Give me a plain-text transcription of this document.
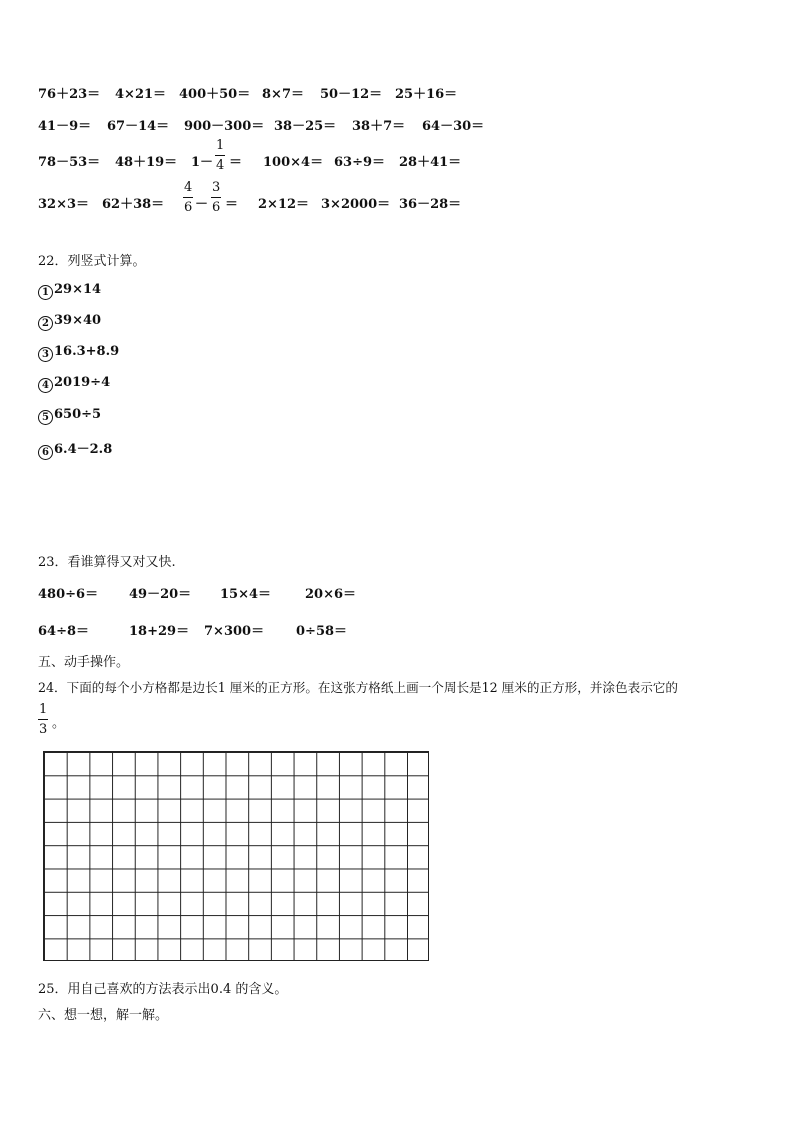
76＋23＝ 4×21＝ 400＋50＝ 8×7＝ 50－12＝ 25＋16＝
41－9＝ 67－14＝ 900－300＝ 38－25＝ 38＋7＝ 64－30＝
$78-53= 48+19= 1- \frac{1}{4} = 100\times 4= 63\div 9= 28+41=$
$32\times 3= 62+38= \frac{4}{6} - \frac{3}{6} = 2\times 12= 3\times 2000= 36-28=$
22．列竖式计算。
1 29×14
2 39×40
3 16.3+8.9
4 2019÷4
5 650÷5
6 6.4－2.8
23．看谁算得又对又快.
480÷6＝ 49－20＝ 15×4＝	20×6＝
64÷8＝	18+29＝ 7×300＝ 0÷58＝
五、动手操作。
24．下面的每个小方格都是边长1 厘米的正方形。在这张方格纸上画一个周长是12 厘米的正方形，并涂色表示它的
$\frac{1}{3}$ 。
25．用自己喜欢的方法表示出0.4 的含义。
六、想一想，解一解。
